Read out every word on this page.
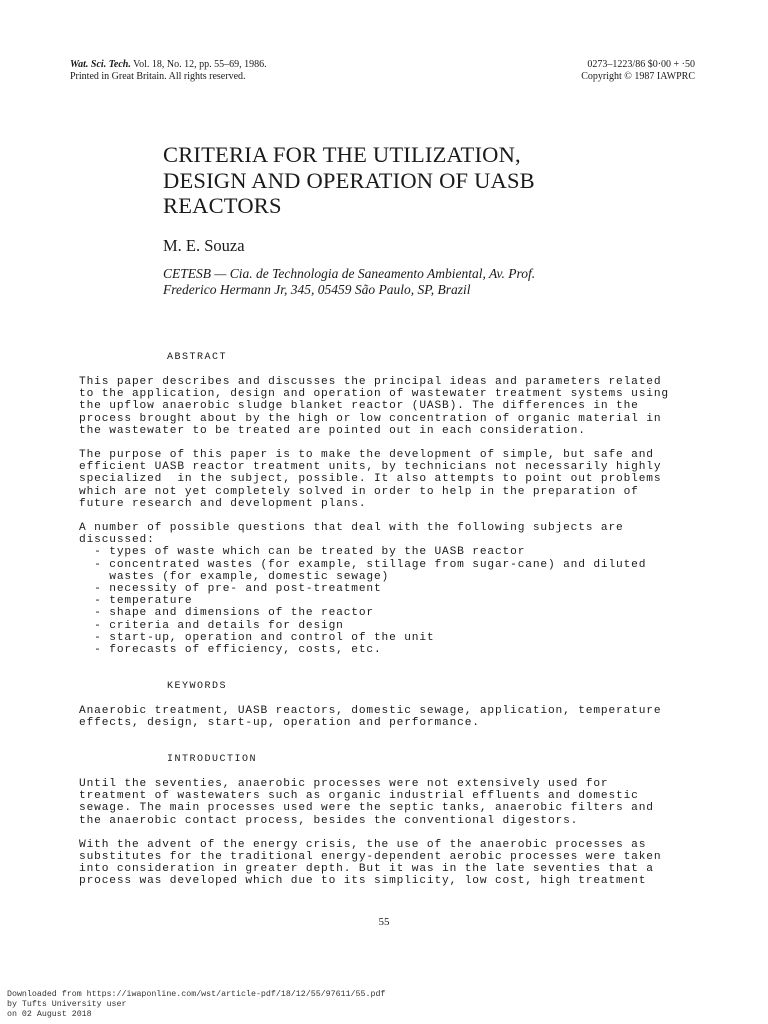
Wat. Sci. Tech. Vol. 18, No. 12, pp. 55–69, 1986.
Printed in Great Britain. All rights reserved.
0273–1223/86 $0·00 + ·50
Copyright © 1987 IAWPRC
CRITERIA FOR THE UTILIZATION,
DESIGN AND OPERATION OF UASB
REACTORS
M. E. Souza
CETESB — Cia. de Technologia de Saneamento Ambiental, Av. Prof.
Frederico Hermann Jr, 345, 05459 São Paulo, SP, Brazil
ABSTRACT

This paper describes and discusses the principal ideas and parameters related
to the application, design and operation of wastewater treatment systems using
the upflow anaerobic sludge blanket reactor (UASB). The differences in the
process brought about by the high or low concentration of organic material in
the wastewater to be treated are pointed out in each consideration.

The purpose of this paper is to make the development of simple, but safe and
efficient UASB reactor treatment units, by technicians not necessarily highly
specialized  in the subject, possible. It also attempts to point out problems
which are not yet completely solved in order to help in the preparation of
future research and development plans.

A number of possible questions that deal with the following subjects are
discussed:

- types of waste which can be treated by the UASB reactor
- concentrated wastes (for example, stillage from sugar-cane) and diluted
wastes (for example, domestic sewage)
- necessity of pre- and post-treatment
- temperature
- shape and dimensions of the reactor
- criteria and details for design
- start-up, operation and control of the unit
- forecasts of efficiency, costs, etc.
KEYWORDS

Anaerobic treatment, UASB reactors, domestic sewage, application, temperature
effects, design, start-up, operation and performance.

INTRODUCTION

Until the seventies, anaerobic processes were not extensively used for
treatment of wastewaters such as organic industrial effluents and domestic
sewage. The main processes used were the septic tanks, anaerobic filters and
the anaerobic contact process, besides the conventional digestors.

With the advent of the energy crisis, the use of the anaerobic processes as
substitutes for the traditional energy-dependent aerobic processes were taken
into consideration in greater depth. But it was in the late seventies that a
process was developed which due to its simplicity, low cost, high treatment

55
Downloaded from https://iwaponline.com/wst/article-pdf/18/12/55/97611/55.pdf
by Tufts University user
on 02 August 2018
